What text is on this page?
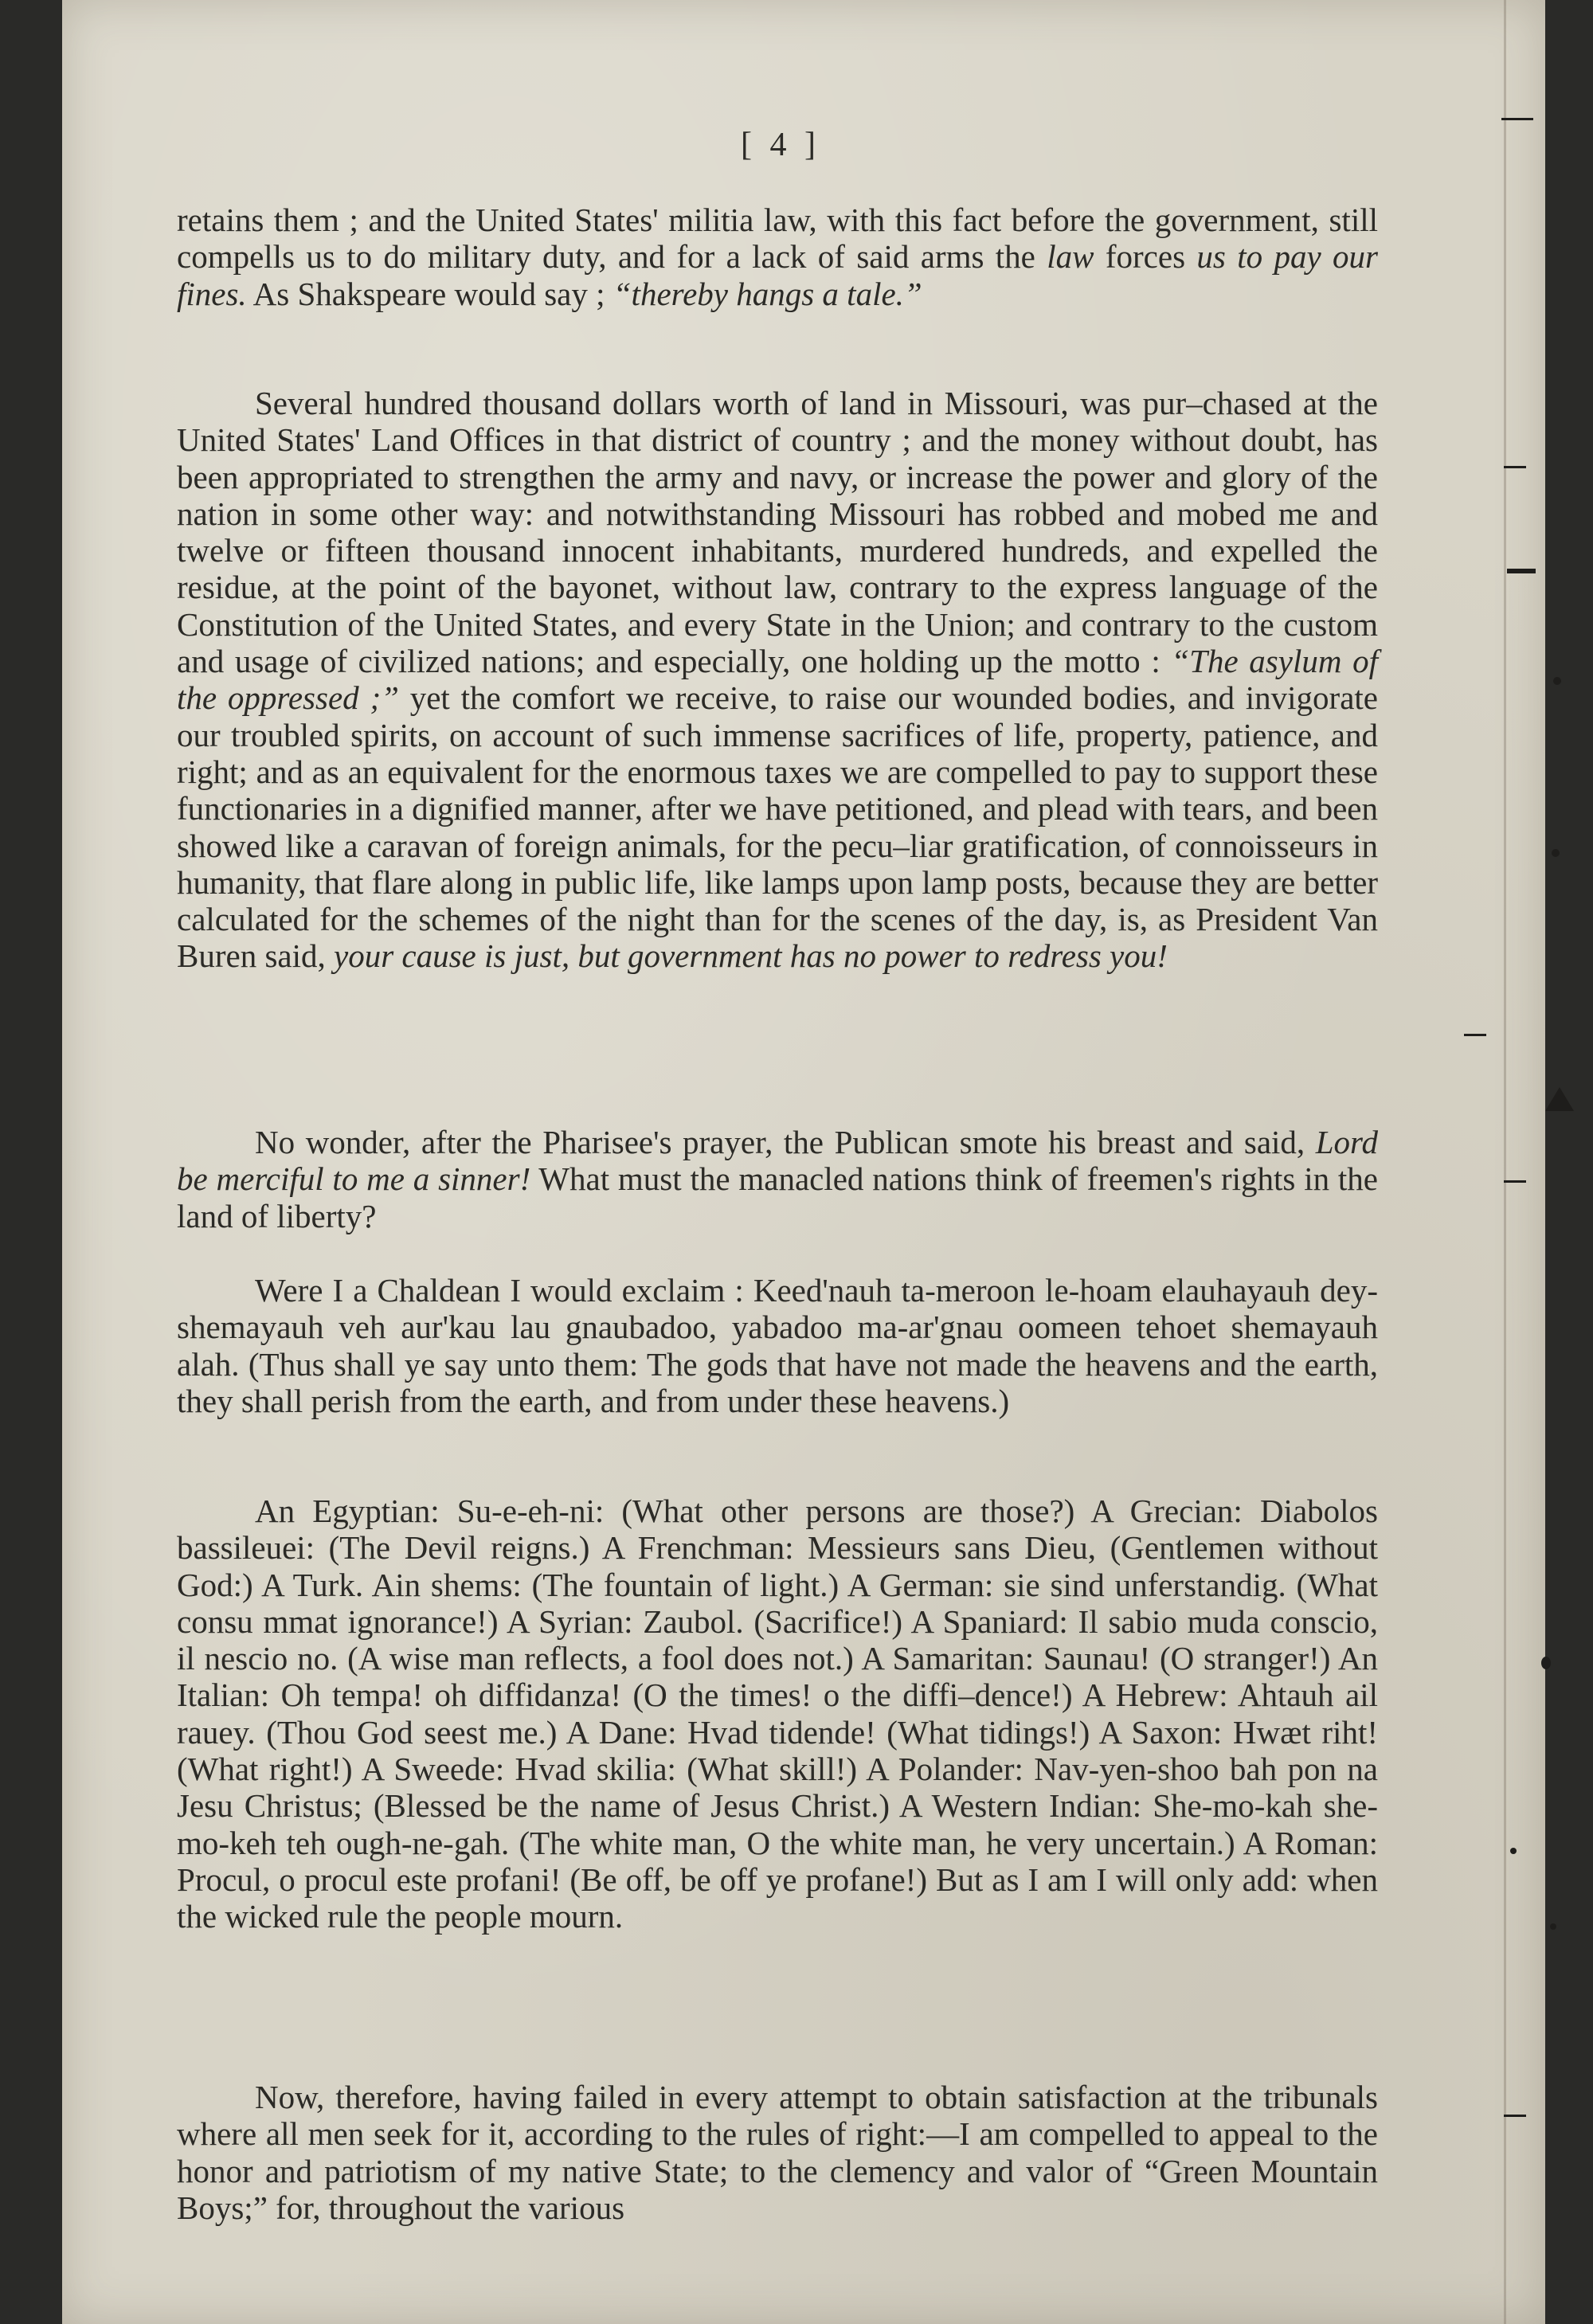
[ 4 ]

retains them ; and the United States' militia law, with this fact before the government, still compells us to do military duty, and for a lack of said arms the law forces us to pay our fines. As Shakspeare would say ; “thereby hangs a tale.”

Several hundred thousand dollars worth of land in Missouri, was pur–chased at the United States' Land Offices in that district of country ; and the money without doubt, has been appropriated to strengthen the army and navy, or increase the power and glory of the nation in some other way: and notwithstanding Missouri has robbed and mobed me and twelve or fifteen thousand innocent inhabitants, murdered hundreds, and expelled the residue, at the point of the bayonet, without law, contrary to the express language of the Constitution of the United States, and every State in the Union; and contrary to the custom and usage of civilized nations; and especially, one holding up the motto : “The asylum of the oppressed ;” yet the comfort we receive, to raise our wounded bodies, and invigorate our troubled spirits, on account of such immense sacrifices of life, property, patience, and right; and as an equivalent for the enormous taxes we are compelled to pay to support these functionaries in a dignified manner, after we have petitioned, and plead with tears, and been showed like a caravan of foreign animals, for the pecu–liar gratification, of connoisseurs in humanity, that flare along in public life, like lamps upon lamp posts, because they are better calculated for the schemes of the night than for the scenes of the day, is, as President Van Buren said, your cause is just, but government has no power to redress you!

No wonder, after the Pharisee's prayer, the Publican smote his breast and said, Lord be merciful to me a sinner! What must the manacled nations think of freemen's rights in the land of liberty?

Were I a Chaldean I would exclaim : Keed'nauh ta-meroon le-hoam elauhayauh dey-shemayauh veh aur'kau lau gnaubadoo, yabadoo ma-ar'gnau oomeen tehoet shemayauh alah. (Thus shall ye say unto them: The gods that have not made the heavens and the earth, they shall perish from the earth, and from under these heavens.)

An Egyptian: Su-e-eh-ni: (What other persons are those?) A Grecian: Diabolos bassileuei: (The Devil reigns.) A Frenchman: Messieurs sans Dieu, (Gentlemen without God:) A Turk. Ain shems: (The fountain of light.) A German: sie sind unferstandig. (What consu mmat ignorance!) A Syrian: Zaubol. (Sacrifice!) A Spaniard: Il sabio muda conscio, il nescio no. (A wise man reflects, a fool does not.) A Samaritan: Saunau! (O stranger!) An Italian: Oh tempa! oh diffidanza! (O the times! o the diffi–dence!) A Hebrew: Ahtauh ail rauey. (Thou God seest me.) A Dane: Hvad tidende! (What tidings!) A Saxon: Hwæt riht! (What right!) A Sweede: Hvad skilia: (What skill!) A Polander: Nav-yen-shoo bah pon na Jesu Christus; (Blessed be the name of Jesus Christ.) A Western Indian: She-mo-kah she-mo-keh teh ough-ne-gah. (The white man, O the white man, he very uncertain.) A Roman: Procul, o procul este profani! (Be off, be off ye profane!) But as I am I will only add: when the wicked rule the people mourn.

Now, therefore, having failed in every attempt to obtain satisfaction at the tribunals where all men seek for it, according to the rules of right:—I am compelled to appeal to the honor and patriotism of my native State; to the clemency and valor of “Green Mountain Boys;” for, throughout the various
